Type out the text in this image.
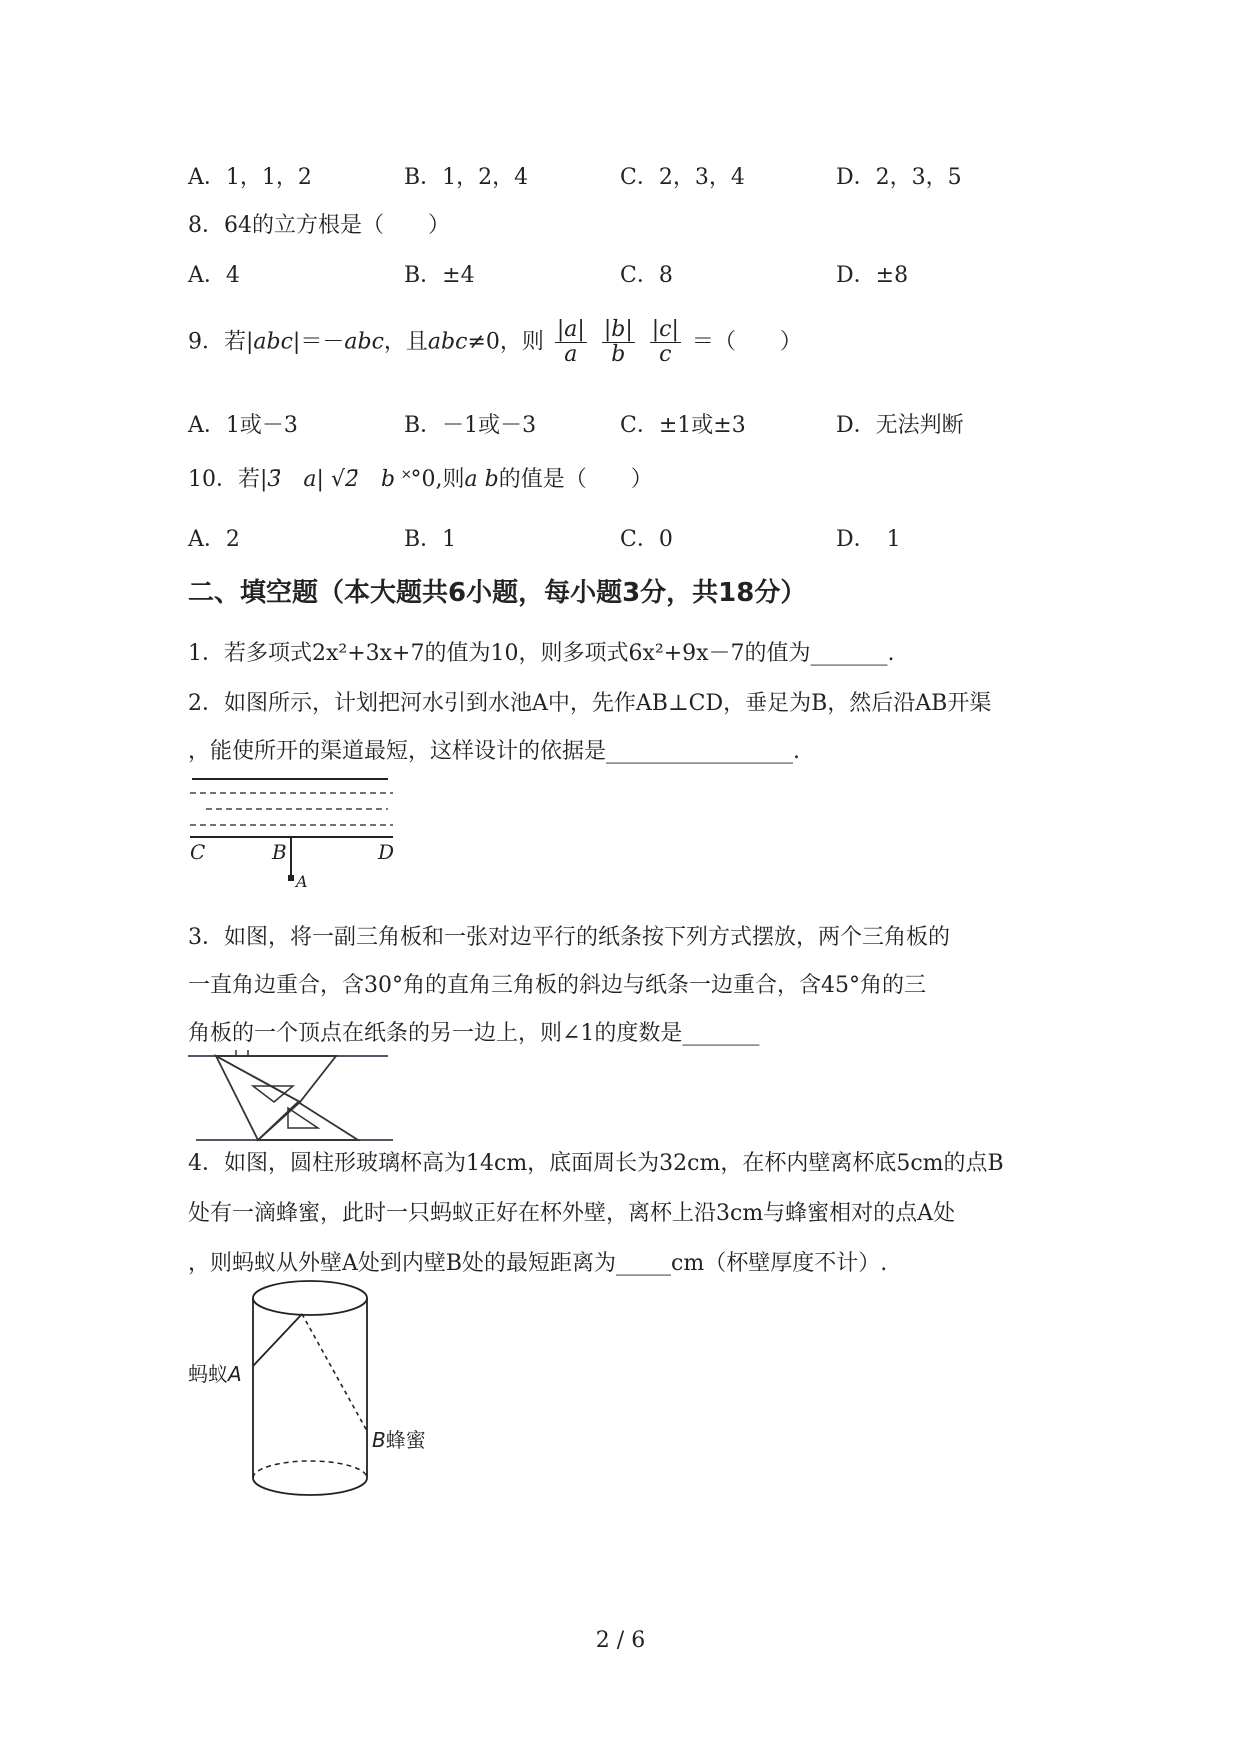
A．1，1，2	B．1，2，4	C．2，3，4	D．2，3，5
8．64的立方根是（　　）
A．4	B．±4	C．8	D．±8
9．若|abc|＝－abc，且abc≠0，则 $\frac{|a|}{a}$
$\frac{|b|}{b}$
$\frac{|c|}{c}$ ＝（　　）
A．1或－3	B．－1或－3	C．±1或±3	D．无法判断
10．若|3̄　a| √2̄　b ˟°0,则a b的值是（　　）
A．2	B．1	C．0	D．　1
二、填空题（本大题共6小题，每小题3分，共18分）
1．若多项式2x²+3x+7的值为10，则多项式6x²+9x－7的值为_______.
2．如图所示，计划把河水引到水池A中，先作AB⊥CD，垂足为B，然后沿AB开渠
，能使所开的渠道最短，这样设计的依据是_________________.
C	B	D
A
3．如图，将一副三角板和一张对边平行的纸条按下列方式摆放，两个三角板的
一直角边重合，含30°角的直角三角板的斜边与纸条一边重合，含45°角的三
角板的一个顶点在纸条的另一边上，则∠1的度数是_______
4．如图，圆柱形玻璃杯高为14cm，底面周长为32cm，在杯内壁离杯底5cm的点B
处有一滴蜂蜜，此时一只蚂蚁正好在杯外壁，离杯上沿3cm与蜂蜜相对的点A处
，则蚂蚁从外壁A处到内壁B处的最短距离为_____cm（杯壁厚度不计）.
蚂蚁A
B蜂蜜
2 / 6
